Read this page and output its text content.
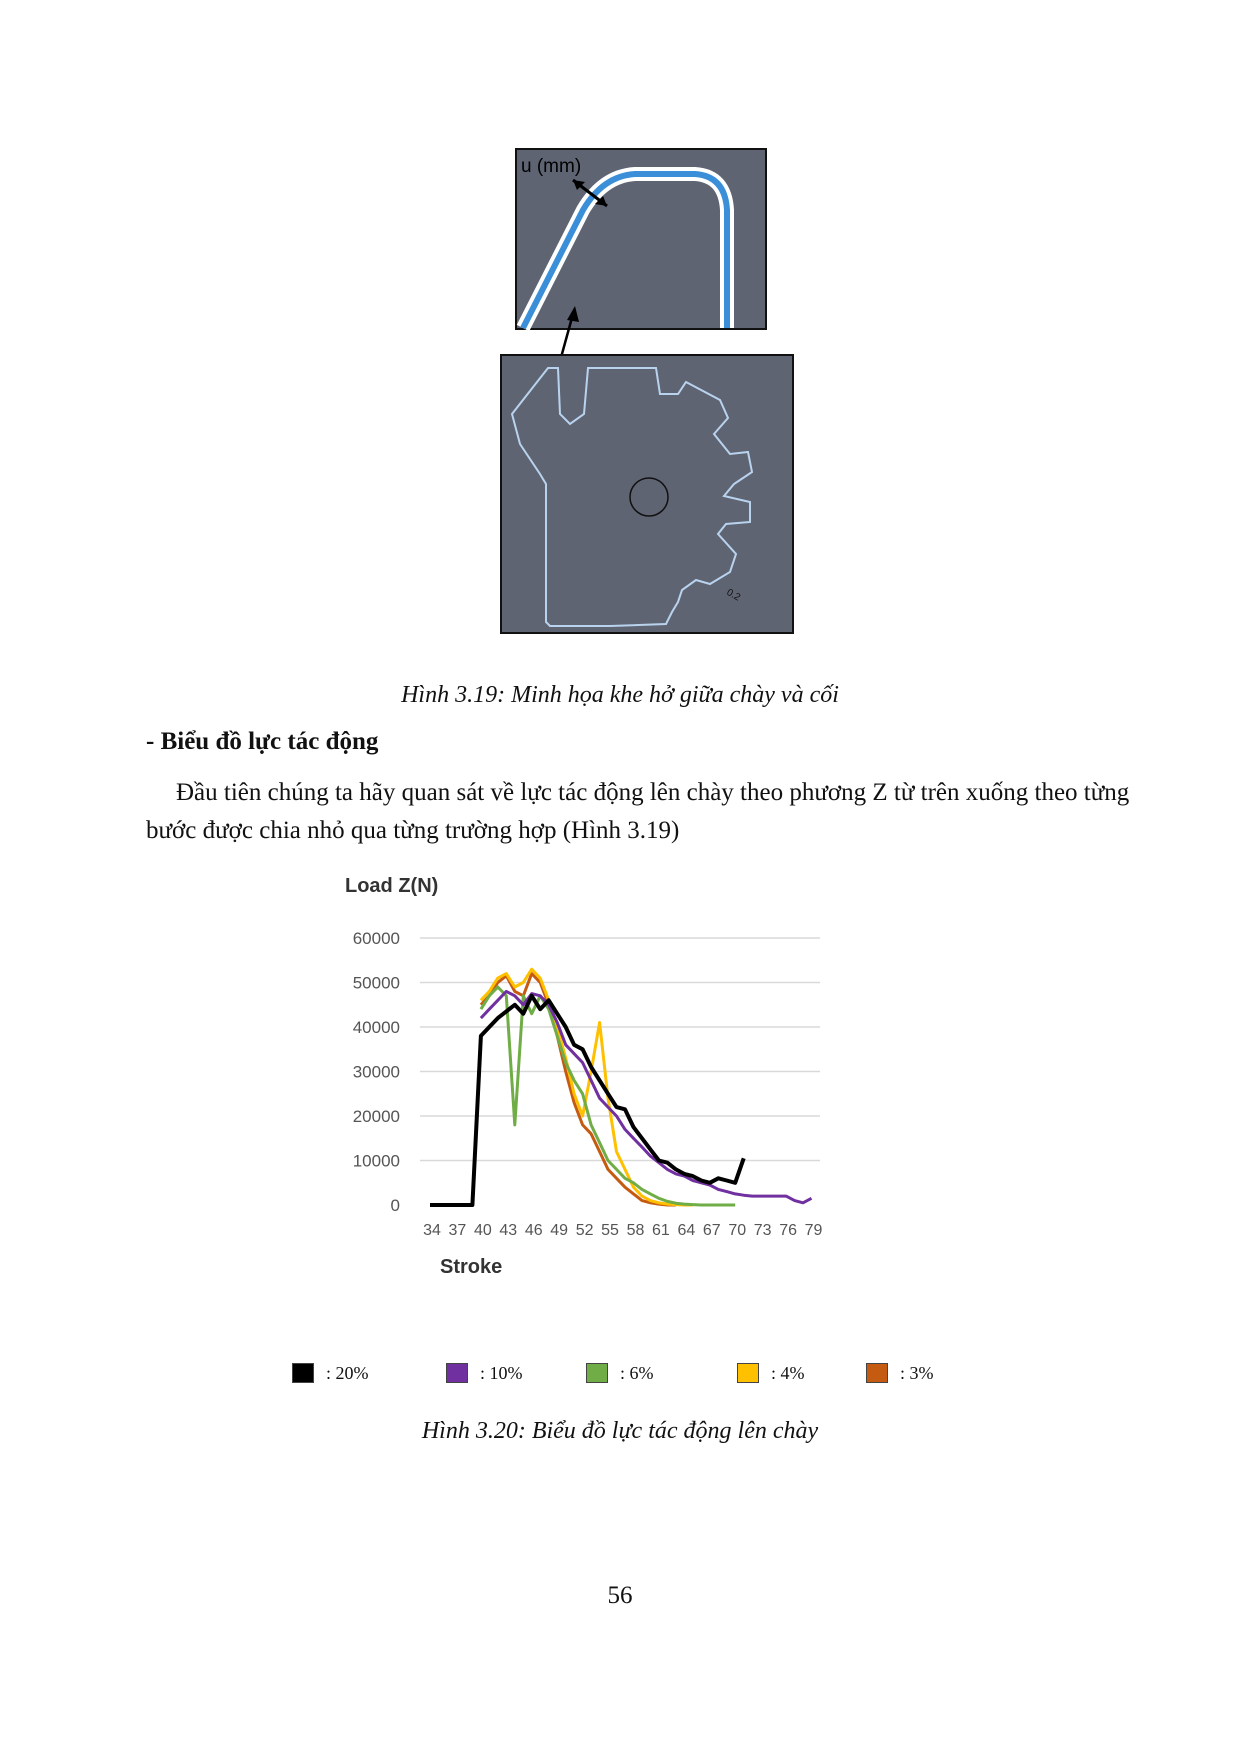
u (mm)
0.2
Hình 3.19: Minh họa khe hở giữa chày và cối
- Biểu đồ lực tác động
Đầu tiên chúng ta hãy quan sát về lực tác động lên chày theo phương Z từ trên xuống theo từng bước được chia nhỏ qua từng trường hợp (Hình 3.19)
Load Z(N)
0
10000
20000
30000
40000
50000
60000
34 37 40 43 46 49 52 55 58 61 64 67 70 73 76 79
Stroke
: 20%	: 10%	: 6%	: 4%	: 3%
Hình 3.20: Biểu đồ lực tác động lên chày
56
